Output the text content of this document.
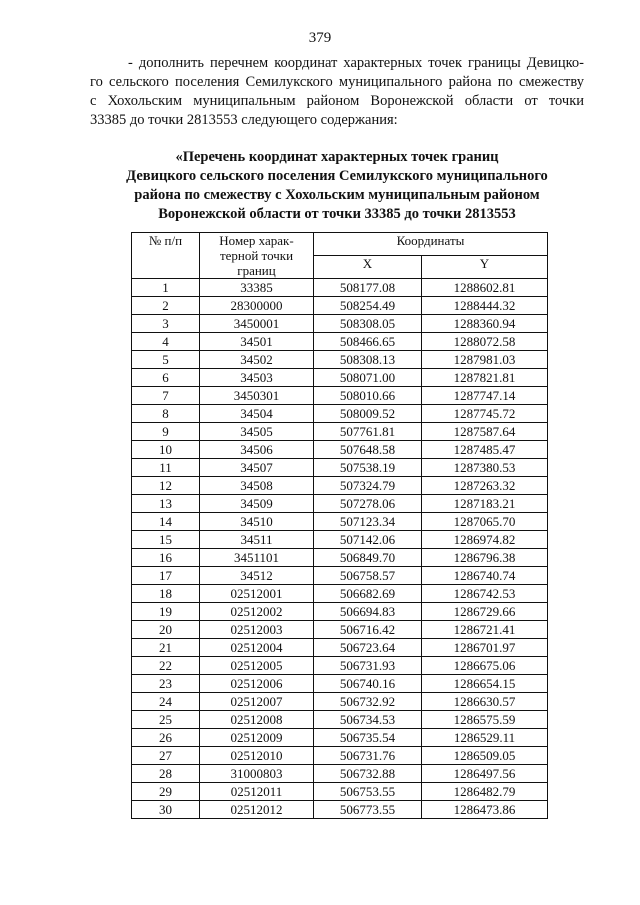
379
- дополнить перечнем координат характерных точек границы Девицко-
го сельского поселения Семилукского муниципального района по смежеству
с Хохольским муниципальным районом Воронежской области от точки
33385 до точки 2813553 следующего содержания:
«Перечень координат характерных точек границ
Девицкого сельского поселения Семилукского муниципального
района по смежеству с Хохольским муниципальным районом
Воронежской области от точки 33385 до точки 2813553
№ п/п	Номер харак-
терной точки
границ	Координаты	
		X	Y
1	33385	508177.08	1288602.81
2	28300000	508254.49	1288444.32
3	3450001	508308.05	1288360.94
4	34501	508466.65	1288072.58
5	34502	508308.13	1287981.03
6	34503	508071.00	1287821.81
7	3450301	508010.66	1287747.14
8	34504	508009.52	1287745.72
9	34505	507761.81	1287587.64
10	34506	507648.58	1287485.47
11	34507	507538.19	1287380.53
12	34508	507324.79	1287263.32
13	34509	507278.06	1287183.21
14	34510	507123.34	1287065.70
15	34511	507142.06	1286974.82
16	3451101	506849.70	1286796.38
17	34512	506758.57	1286740.74
18	02512001	506682.69	1286742.53
19	02512002	506694.83	1286729.66
20	02512003	506716.42	1286721.41
21	02512004	506723.64	1286701.97
22	02512005	506731.93	1286675.06
23	02512006	506740.16	1286654.15
24	02512007	506732.92	1286630.57
25	02512008	506734.53	1286575.59
26	02512009	506735.54	1286529.11
27	02512010	506731.76	1286509.05
28	31000803	506732.88	1286497.56
29	02512011	506753.55	1286482.79
30	02512012	506773.55	1286473.86
